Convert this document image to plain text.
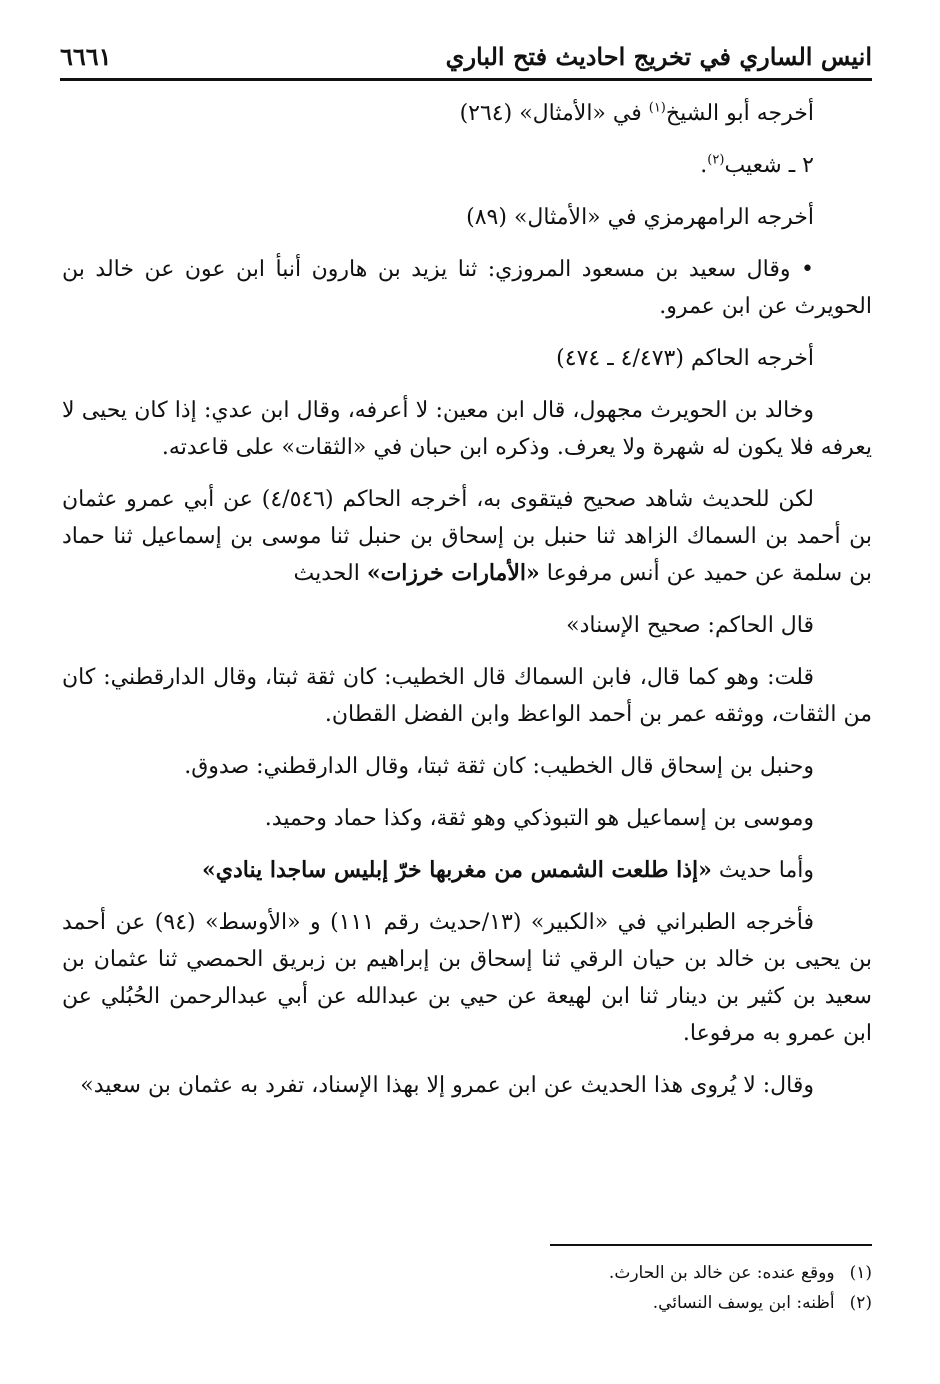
انيس الساري في تخريج احاديث فتح الباري
٦٦٦١

أخرجه أبو الشيخ$^{(١)}$ في «الأمثال» (٢٦٤)

٢ ـ شعيب$^{(٢)}$.

أخرجه الرامهرمزي في «الأمثال» (٨٩)

• وقال سعيد بن مسعود المروزي: ثنا يزيد بن هارون أنبأ ابن عون عن خالد بن الحويرث عن ابن عمرو.

أخرجه الحاكم (٤/٤٧٣ ـ ٤٧٤)

وخالد بن الحويرث مجهول، قال ابن معين: لا أعرفه، وقال ابن عدي: إذا كان يحيى لا يعرفه فلا يكون له شهرة ولا يعرف. وذكره ابن حبان في «الثقات» على قاعدته.

لكن للحديث شاهد صحيح فيتقوى به، أخرجه الحاكم (٤/٥٤٦) عن أبي عمرو عثمان بن أحمد بن السماك الزاهد ثنا حنبل بن إسحاق بن حنبل ثنا موسى بن إسماعيل ثنا حماد بن سلمة عن حميد عن أنس مرفوعا «الأمارات خرزات» الحديث

قال الحاكم: صحيح الإسناد»

قلت: وهو كما قال، فابن السماك قال الخطيب: كان ثقة ثبتا، وقال الدارقطني: كان من الثقات، ووثقه عمر بن أحمد الواعظ وابن الفضل القطان.

وحنبل بن إسحاق قال الخطيب: كان ثقة ثبتا، وقال الدارقطني: صدوق.

وموسى بن إسماعيل هو التبوذكي وهو ثقة، وكذا حماد وحميد.

وأما حديث «إذا طلعت الشمس من مغربها خرّ إبليس ساجدا ينادي»

فأخرجه الطبراني في «الكبير» (١٣/حديث رقم ١١١) و «الأوسط» (٩٤) عن أحمد بن يحيى بن خالد بن حيان الرقي ثنا إسحاق بن إبراهيم بن زبريق الحمصي ثنا عثمان بن سعيد بن كثير بن دينار ثنا ابن لهيعة عن حيي بن عبدالله عن أبي عبدالرحمن الحُبُلي عن ابن عمرو به مرفوعا.

وقال: لا يُروى هذا الحديث عن ابن عمرو إلا بهذا الإسناد، تفرد به عثمان بن سعيد»

(١) ووقع عنده: عن خالد بن الحارث.
(٢) أظنه: ابن يوسف النسائي.
